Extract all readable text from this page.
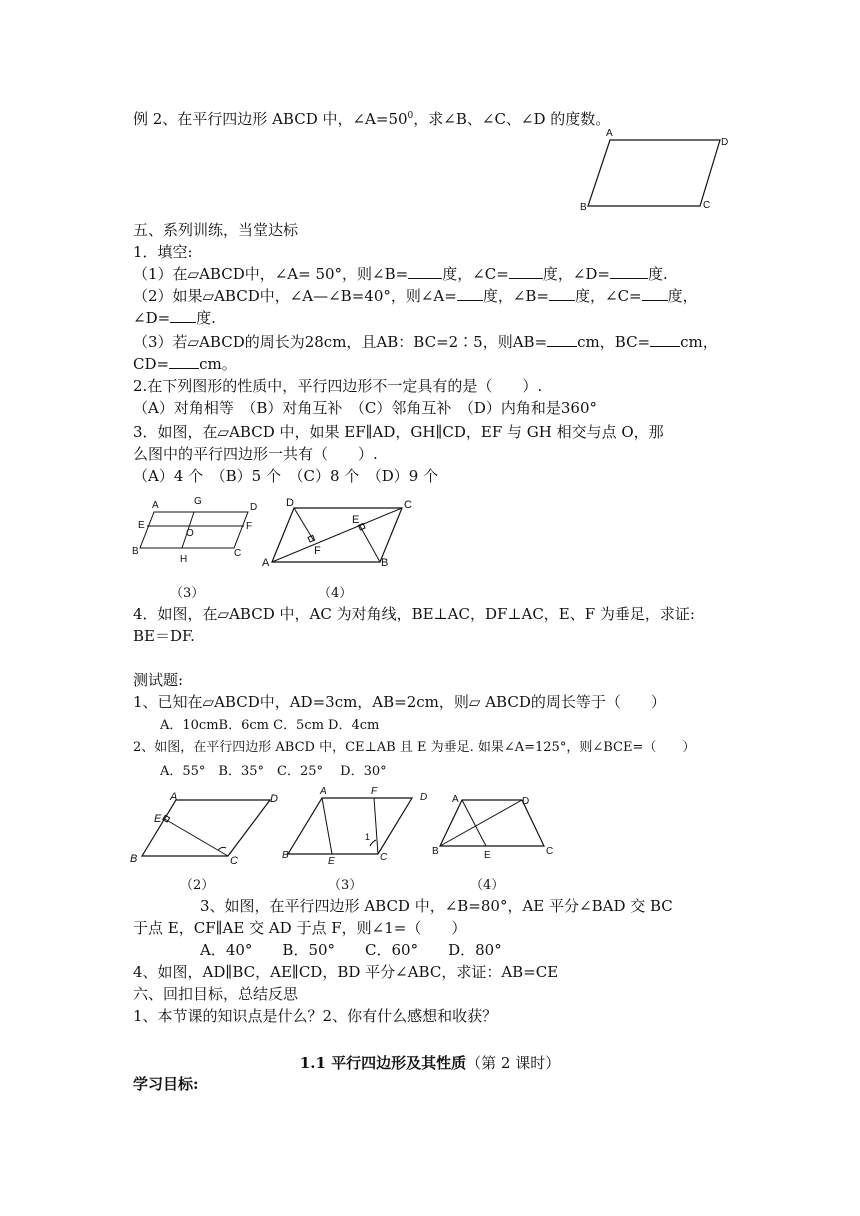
例 2、在平行四边形 ABCD 中，$\angle A=50^0$，求∠B、∠C、∠D 的度数。
A
D
B	C
五、系列训练，当堂达标
1．填空:
（1）在▱ABCD中，∠A= 50°，则∠B= 度，∠C= 度，∠D=	度.
（2）如果▱ABCD中，∠A—∠B=40°，则∠A= 度，∠B= 度，∠C= 度，
∠D= 度.
（3）若▱ABCD的周长为28cm，且AB：BC=2∶5，则AB= cm，BC= cm，
CD= cm。
2.在下列图形的性质中，平行四边形不一定具有的是（　　）.
（A）对角相等　（B）对角互补　（C）邻角互补　（D）内角和是360°
3．如图，在▱ABCD 中，如果 EF∥AD，GH∥CD，EF 与 GH 相交与点 O，那
么图中的平行四边形一共有（　　）.
（A）4 个　（B）5 个　（C）8 个　（D）9 个
A	G
D
E
O
F
B
H
C
D	C
E
F
A	B
（3）	（4）
4．如图，在▱ABCD 中，AC 为对角线，BE⊥AC，DF⊥AC，E、F 为垂足，求证:
BE＝DF.
测试题:
1、已知在▱ABCD中，AD=3cm，AB=2cm，则▱ ABCD的周长等于（　　）
A．10cmB．6cm C．5cm D．4cm
2、如图，在平行四边形 ABCD 中，CE⊥AB 且 E 为垂足. 如果∠A=125°，则∠BCE=（　　）
A．55°　B．35°　C．25°　 D．30°
A	D
E
B	C
A	F
D
1
B
E	C
A	D
B	E	C
（2）	（3）	（4）
3、如图，在平行四边形 ABCD 中，∠B=80°，AE 平分∠BAD 交 BC
于点 E，CF∥AE 交 AD 于点 F，则∠1=（　　）
A．40°　　B．50°　　C．60°　　D．80°
4、如图，AD∥BC，AE∥CD，BD 平分∠ABC，求证：AB=CE
六、回扣目标，总结反思
1、本节课的知识点是什么？2、你有什么感想和收获？
1.1 平行四边形及其性质（第 2 课时）
学习目标:
